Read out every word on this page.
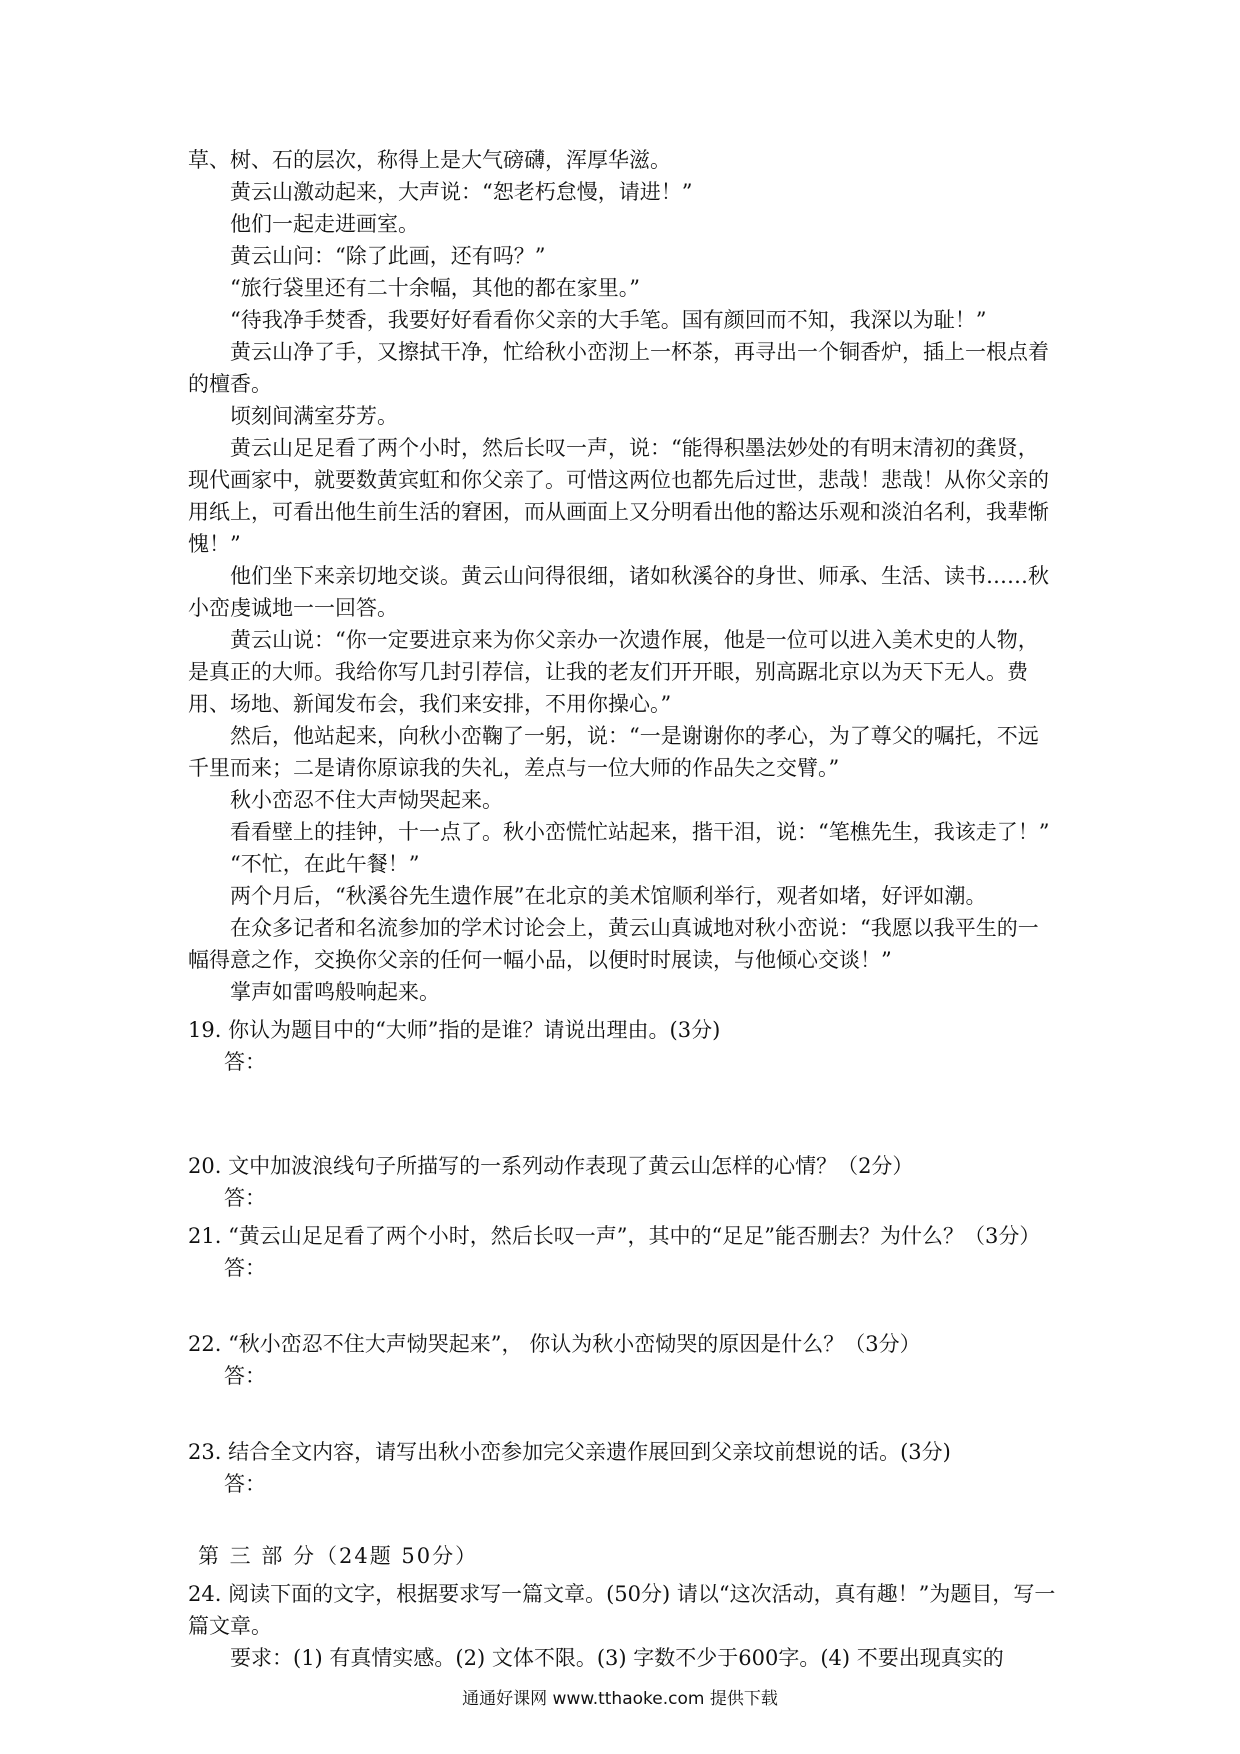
草、树、石的层次，称得上是大气磅礴，浑厚华滋。

黄云山激动起来，大声说：“恕老朽怠慢，请进！”

他们一起走进画室。

黄云山问：“除了此画，还有吗？”

“旅行袋里还有二十余幅，其他的都在家里。”

“待我净手焚香，我要好好看看你父亲的大手笔。国有颜回而不知，我深以为耻！”

黄云山净了手，又擦拭干净，忙给秋小峦沏上一杯茶，再寻出一个铜香炉，插上一根点着的檀香。

顷刻间满室芬芳。

黄云山足足看了两个小时，然后长叹一声，说：“能得积墨法妙处的有明末清初的龚贤，现代画家中，就要数黄宾虹和你父亲了。可惜这两位也都先后过世，悲哉！悲哉！从你父亲的用纸上，可看出他生前生活的窘困，而从画面上又分明看出他的豁达乐观和淡泊名利，我辈惭愧！”

他们坐下来亲切地交谈。黄云山问得很细，诸如秋溪谷的身世、师承、生活、读书……秋小峦虔诚地一一回答。

黄云山说：“你一定要进京来为你父亲办一次遗作展，他是一位可以进入美术史的人物，是真正的大师。我给你写几封引荐信，让我的老友们开开眼，别高踞北京以为天下无人。费用、场地、新闻发布会，我们来安排，不用你操心。”

然后，他站起来，向秋小峦鞠了一躬，说：“一是谢谢你的孝心，为了尊父的嘱托，不远千里而来；二是请你原谅我的失礼，差点与一位大师的作品失之交臂。”

秋小峦忍不住大声恸哭起来。

看看壁上的挂钟，十一点了。秋小峦慌忙站起来，揩干泪，说：“笔樵先生，我该走了！”

“不忙，在此午餐！”

两个月后，“秋溪谷先生遗作展”在北京的美术馆顺利举行，观者如堵，好评如潮。

在众多记者和名流参加的学术讨论会上，黄云山真诚地对秋小峦说：“我愿以我平生的一幅得意之作，交换你父亲的任何一幅小品，以便时时展读，与他倾心交谈！”

掌声如雷鸣般响起来。

19. 你认为题目中的“大师”指的是谁？请说出理由。(3分)

答：

20. 文中加波浪线句子所描写的一系列动作表现了黄云山怎样的心情？（2分）

答：

21. “黄云山足足看了两个小时，然后长叹一声”，其中的“足足”能否删去？为什么？（3分）

答：

22. “秋小峦忍不住大声恸哭起来”， 你认为秋小峦恸哭的原因是什么？（3分）

答：

23. 结合全文内容，请写出秋小峦参加完父亲遗作展回到父亲坟前想说的话。(3分)

答：

第 三 部 分（24题 50分）

24. 阅读下面的文字，根据要求写一篇文章。(50分) 请以“这次活动，真有趣！”为题目，写一篇文章。

要求：(1) 有真情实感。(2) 文体不限。(3) 字数不少于600字。(4) 不要出现真实的

通通好课网 www.tthaoke.com 提供下载
